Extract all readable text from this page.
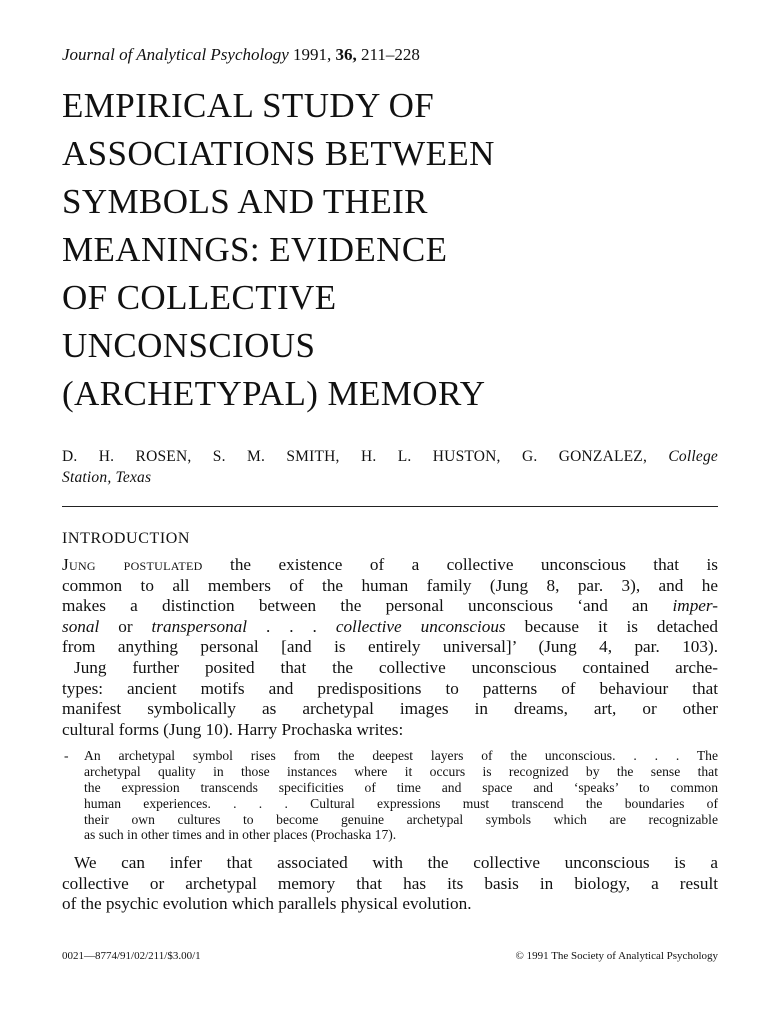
Journal of Analytical Psychology 1991, 36, 211–228

EMPIRICAL STUDY OF

ASSOCIATIONS BETWEEN

SYMBOLS AND THEIR

MEANINGS: EVIDENCE

OF COLLECTIVE

UNCONSCIOUS

(ARCHETYPAL) MEMORY

D. H. ROSEN, S. M. SMITH, H. L. HUSTON, G. GONZALEZ, College
Station, Texas
INTRODUCTION
Jung postulated the existence of a collective unconscious that is
common to all members of the human family (Jung 8, par. 3), and he
makes a distinction between the personal unconscious ‘and an imper-
sonal or transpersonal . . . collective unconscious because it is detached
from anything personal [and is entirely universal]’ (Jung 4, par. 103).
Jung further posited that the collective unconscious contained arche-
types: ancient motifs and predispositions to patterns of behaviour that
manifest symbolically as archetypal images in dreams, art, or other
cultural forms (Jung 10). Harry Prochaska writes:
- An archetypal symbol rises from the deepest layers of the unconscious. . . . The
archetypal quality in those instances where it occurs is recognized by the sense that
the expression transcends specificities of time and space and ‘speaks’ to common
human experiences. . . . Cultural expressions must transcend the boundaries of
their own cultures to become genuine archetypal symbols which are recognizable
as such in other times and in other places (Prochaska 17).
We can infer that associated with the collective unconscious is a
collective or archetypal memory that has its basis in biology, a result
of the psychic evolution which parallels physical evolution.
0021—8774/91/02/211/$3.00/1	© 1991 The Society of Analytical Psychology
